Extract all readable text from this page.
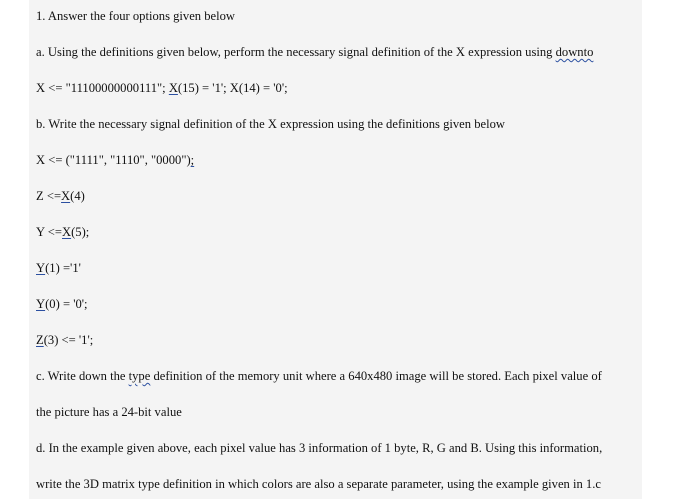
1. Answer the four options given below
a. Using the definitions given below, perform the necessary signal definition of the X expression using downto
X <= "11100000000111"; X(15) = '1'; X(14) = '0';
b. Write the necessary signal definition of the X expression using the definitions given below
X <= ("1111", "1110", "0000");
Z <=X(4)
Y <=X(5);
Y(1) ='1'
Y(0) = '0';
Z(3) <= '1';
c. Write down the type definition of the memory unit where a 640x480 image will be stored. Each pixel value of
the picture has a 24-bit value
d. In the example given above, each pixel value has 3 information of 1 byte, R, G and B. Using this information,
write the 3D matrix type definition in which colors are also a separate parameter, using the example given in 1.c
